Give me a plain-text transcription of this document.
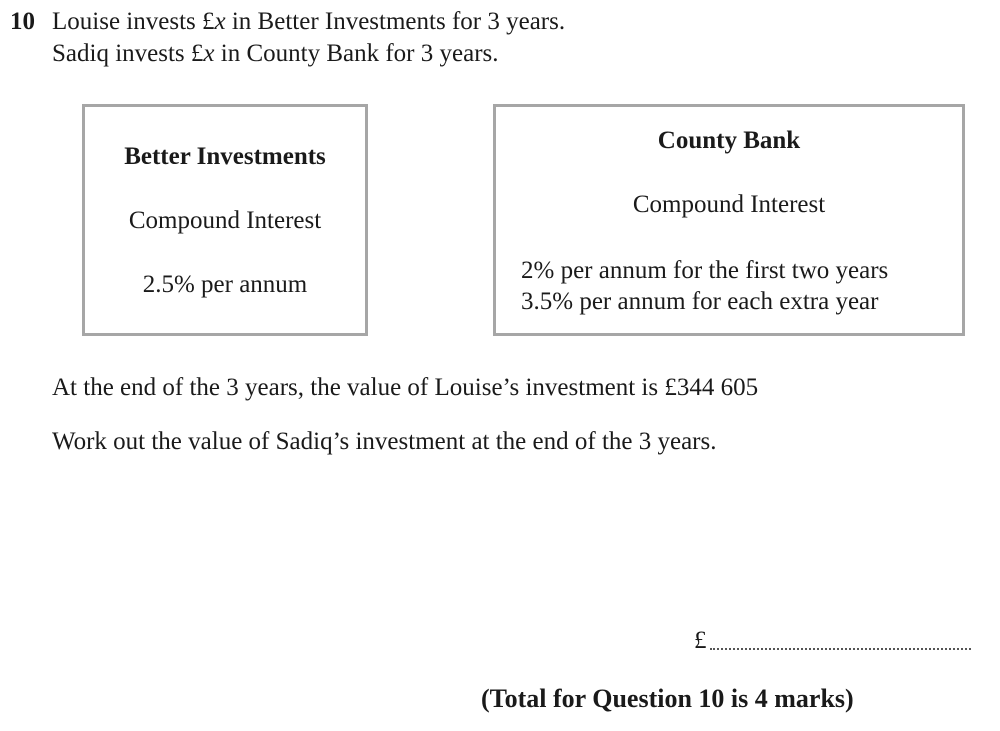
10 Louise invests £x in Better Investments for 3 years.
Sadiq invests £x in County Bank for 3 years.
Better Investments
Compound Interest
2.5% per annum
County Bank
Compound Interest
2% per annum for the first two years
3.5% per annum for each extra year
At the end of the 3 years, the value of Louise’s investment is £344 605
Work out the value of Sadiq’s investment at the end of the 3 years.
£
(Total for Question 10 is 4 marks)
